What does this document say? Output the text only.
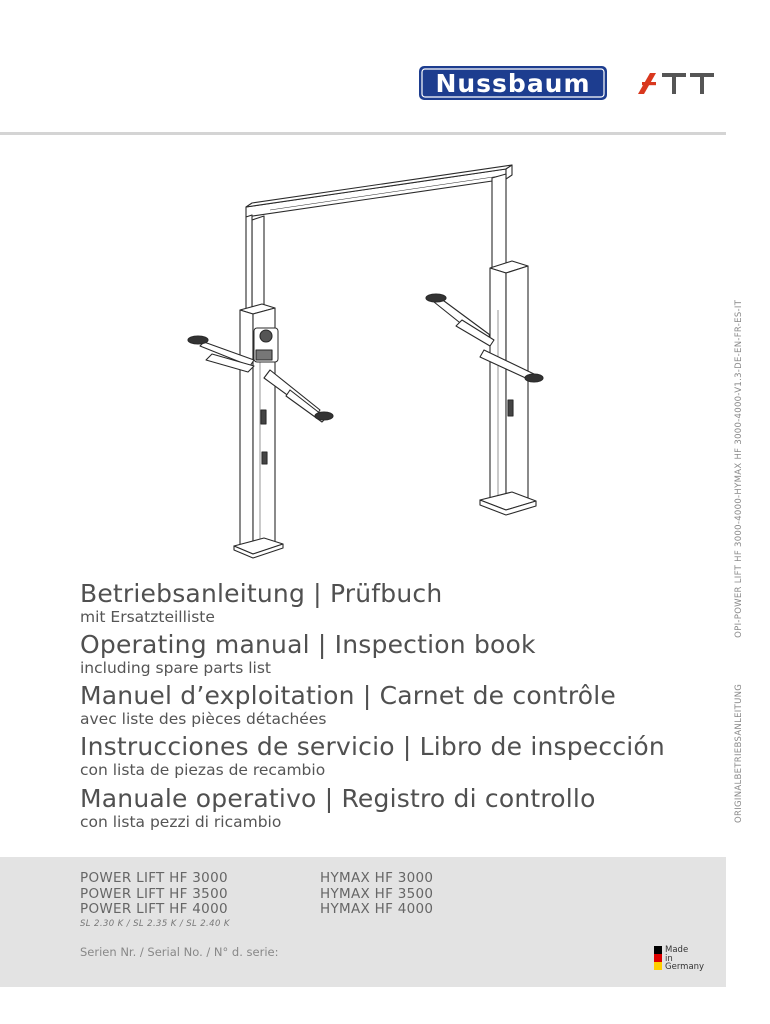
Nussbaum
Betriebsanleitung | Prüfbuch
mit Ersatzteilliste
Operating manual | Inspection book
including spare parts list
Manuel d’exploitation | Carnet de contrôle
avec liste des pièces détachées
Instrucciones de servicio | Libro de inspección
con lista de piezas de recambio
Manuale operativo | Registro di controllo
con lista pezzi di ricambio	ORIGINALBETRIEBSANLEITUNGOPI-POWER LIFT HF 3000-4000-HYMAX HF 3000-4000-V1.3-DE-EN-FR-ES-IT
POWER LIFT HF 3000
POWER LIFT HF 3500
POWER LIFT HF 4000
HYMAX HF 3000
HYMAX HF 3500
HYMAX HF 4000
SL 2.30 K / SL 2.35 K / SL 2.40 K
Serien Nr. / Serial No. / N° d. serie:	Made
in
Germany
